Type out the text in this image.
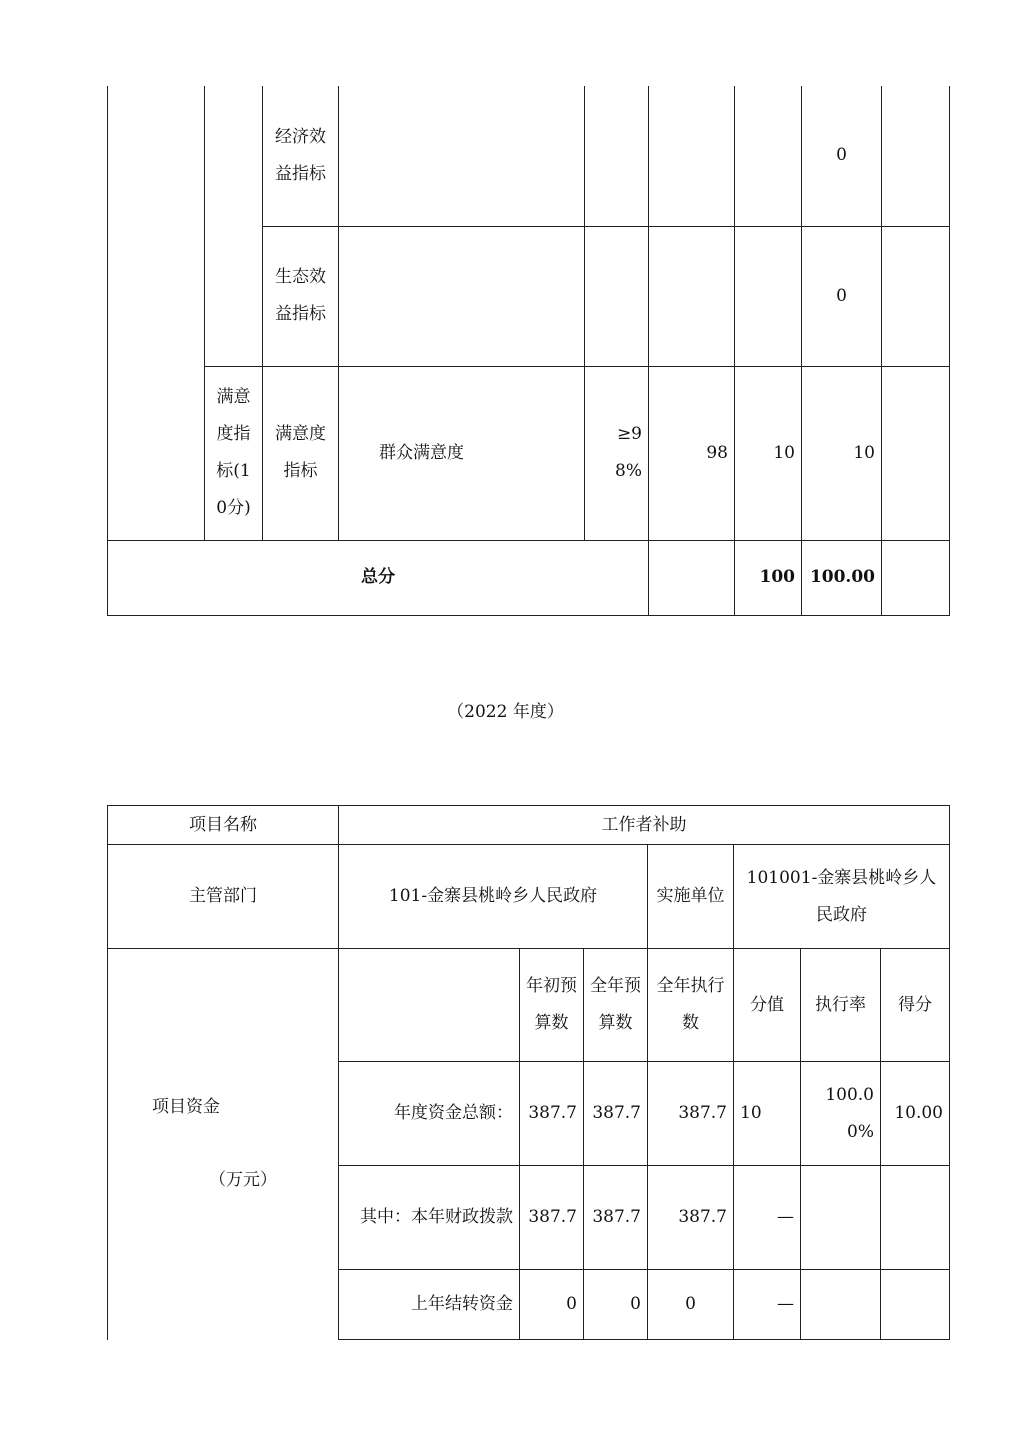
		经济效益指标					0	
		生态效益指标					0	
	满意度指标(10分)	满意度指标	群众满意度	≥98%	98	10	10	
总分						100	100.00	
（2022 年度）
项目名称	工作者补助						
主管部门	101-金寨县桃岭乡人民政府			实施单位	101001-金寨县桃岭乡人民政府		

项目资金
（万元）		年初预算数	全年预算数	全年执行数	分值	执行率	得分
	年度资金总额：	387.7	387.7	387.7	10	100.00%	10.00
	其中：本年财政拨款	387.7	387.7	387.7	—		
	上年结转资金	0	0	0	—		
